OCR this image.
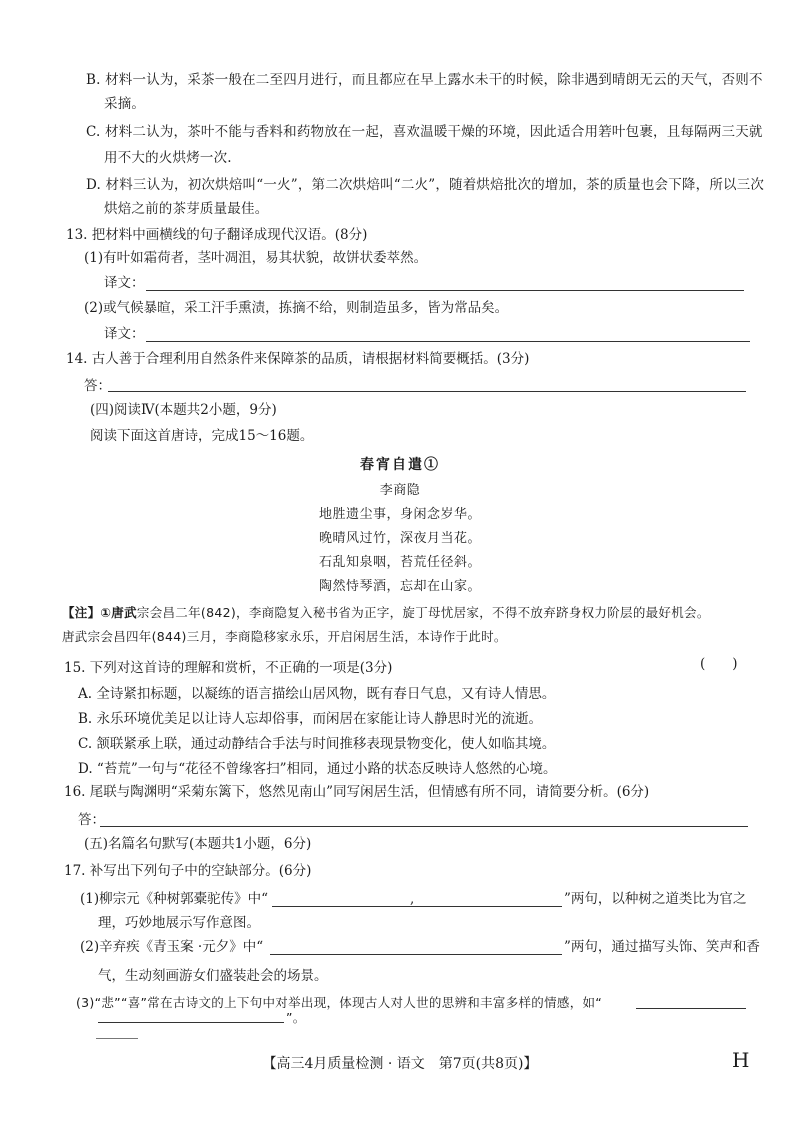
B. 材料一认为，采茶一般在二至四月进行，而且都应在早上露水未干的时候，除非遇到晴朗无云的天气，否则不
采摘。
C. 材料二认为，茶叶不能与香料和药物放在一起，喜欢温暖干燥的环境，因此适合用箬叶包裹，且每隔两三天就
用不大的火烘烤一次.
D. 材料三认为，初次烘焙叫“一火”，第二次烘焙叫“二火”，随着烘焙批次的增加，茶的质量也会下降，所以三次
烘焙之前的茶芽质量最佳。
13. 把材料中画横线的句子翻译成现代汉语。(8分)
(1)有叶如霜荷者，茎叶凋沮，易其状貌，故饼状委萃然。
译文：
(2)或气候暴暄，采工汗手熏渍，拣摘不给，则制造虽多，皆为常品矣。
译文：
14. 古人善于合理利用自然条件来保障茶的品质，请根据材料简要概括。(3分)
答：
(四)阅读Ⅳ(本题共2小题，9分)
阅读下面这首唐诗，完成15～16题。
春宵自遣①
李商隐
地胜遗尘事，身闲念岁华。
晚晴风过竹，深夜月当花。
石乱知泉咽，苔荒任径斜。
陶然恃琴酒，忘却在山家。
【注】①唐武宗会昌二年(842)，李商隐复入秘书省为正字，旋丁母忧居家，不得不放弃跻身权力阶层的最好机会。
唐武宗会昌四年(844)三月，李商隐移家永乐，开启闲居生活，本诗作于此时。
15. 下列对这首诗的理解和赏析，不正确的一项是(3分)	(　　)
A. 全诗紧扣标题，以凝练的语言描绘山居风物，既有春日气息，又有诗人情思。
B. 永乐环境优美足以让诗人忘却俗事，而闲居在家能让诗人静思时光的流逝。
C. 颔联紧承上联，通过动静结合手法与时间推移表现景物变化，使人如临其境。
D. “苔荒”一句与“花径不曾缘客扫”相同，通过小路的状态反映诗人悠然的心境。
16. 尾联与陶渊明“采菊东篱下，悠然见南山”同写闲居生活，但情感有所不同，请简要分析。(6分)
答：
(五)名篇名句默写(本题共1小题，6分)
17. 补写出下列句子中的空缺部分。(6分)
(1)柳宗元《种树郭橐驼传》中“	,	”两句，以种树之道类比为官之
理，巧妙地展示写作意图。
(2)辛弃疾《青玉案 ·元夕》中“	”两句，通过描写头饰、笑声和香
气，生动刻画游女们盛装赴会的场景。
(3)“悲”“喜”常在古诗文的上下句中对举出现，体现古人对人世的思辨和丰富多样的情感，如“
”。
【高三4月质量检测 · 语文　第7页(共8页)】	H
